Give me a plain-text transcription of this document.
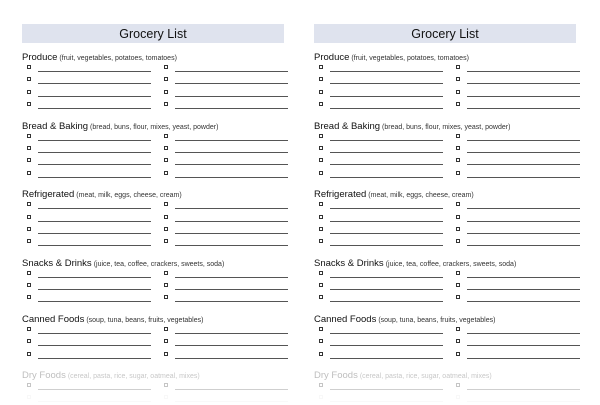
Grocery List
Produce (fruit, vegetables, potatoes, tomatoes)
Bread & Baking (bread, buns, flour, mixes, yeast, powder)
Refrigerated (meat, milk, eggs, cheese, cream)
Snacks & Drinks (juice, tea, coffee, crackers, sweets, soda)
Canned Foods (soup, tuna, beans, fruits, vegetables)
Dry Foods (cereal, pasta, rice, sugar, oatmeal, mixes)
Grocery List
Produce (fruit, vegetables, potatoes, tomatoes)
Bread & Baking (bread, buns, flour, mixes, yeast, powder)
Refrigerated (meat, milk, eggs, cheese, cream)
Snacks & Drinks (juice, tea, coffee, crackers, sweets, soda)
Canned Foods (soup, tuna, beans, fruits, vegetables)
Dry Foods (cereal, pasta, rice, sugar, oatmeal, mixes)
